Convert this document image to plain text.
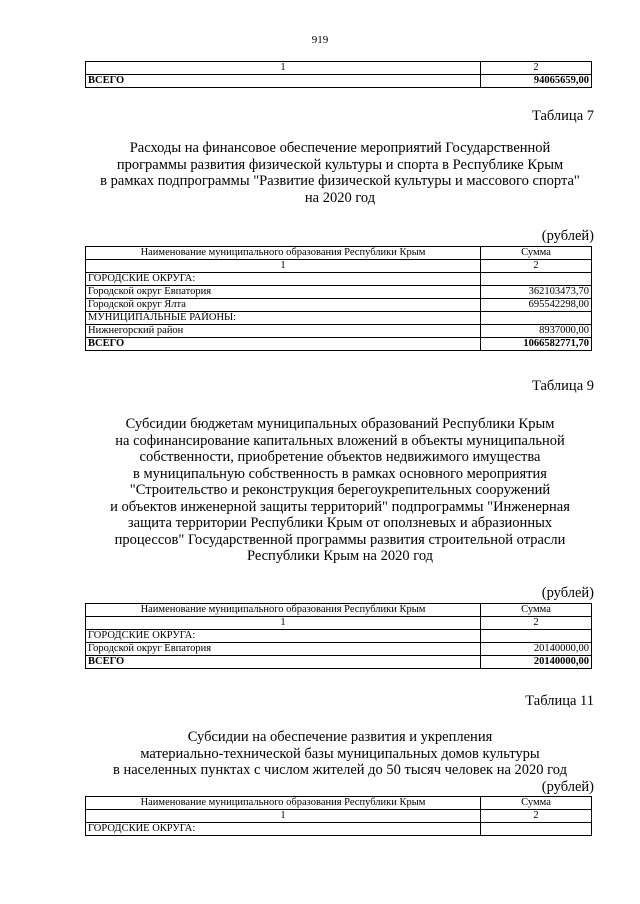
919
1	2
ВСЕГО	94065659,00
Таблица 7
Расходы на финансовое обеспечение мероприятий Государственной
программы развития физической культуры и спорта в Республике Крым
в рамках подпрограммы "Развитие физической культуры и массового спорта"
на 2020 год
(рублей)
Наименование муниципального образования Республики Крым	Сумма
1	2
ГОРОДСКИЕ ОКРУГА:	
Городской округ Евпатория	362103473,70
Городской округ Ялта	695542298,00
МУНИЦИПАЛЬНЫЕ РАЙОНЫ:	
Нижнегорский район	8937000,00
ВСЕГО	1066582771,70
Таблица 9
Субсидии бюджетам муниципальных образований Республики Крым
на софинансирование капитальных вложений в объекты муниципальной
собственности, приобретение объектов недвижимого имущества
в муниципальную собственность в рамках основного мероприятия
"Строительство и реконструкция берегоукрепительных сооружений
и объектов инженерной защиты территорий" подпрограммы "Инженерная
защита территории Республики Крым от оползневых и абразионных
процессов" Государственной программы развития строительной отрасли
Республики Крым на 2020 год
(рублей)
Наименование муниципального образования Республики Крым	Сумма
1	2
ГОРОДСКИЕ ОКРУГА:	
Городской округ Евпатория	20140000,00
ВСЕГО	20140000,00
Таблица 11
Субсидии на обеспечение развития и укрепления
материально-технической базы муниципальных домов культуры
в населенных пунктах с числом жителей до 50 тысяч человек на 2020 год
(рублей)
Наименование муниципального образования Республики Крым	Сумма
1	2
ГОРОДСКИЕ ОКРУГА:	
